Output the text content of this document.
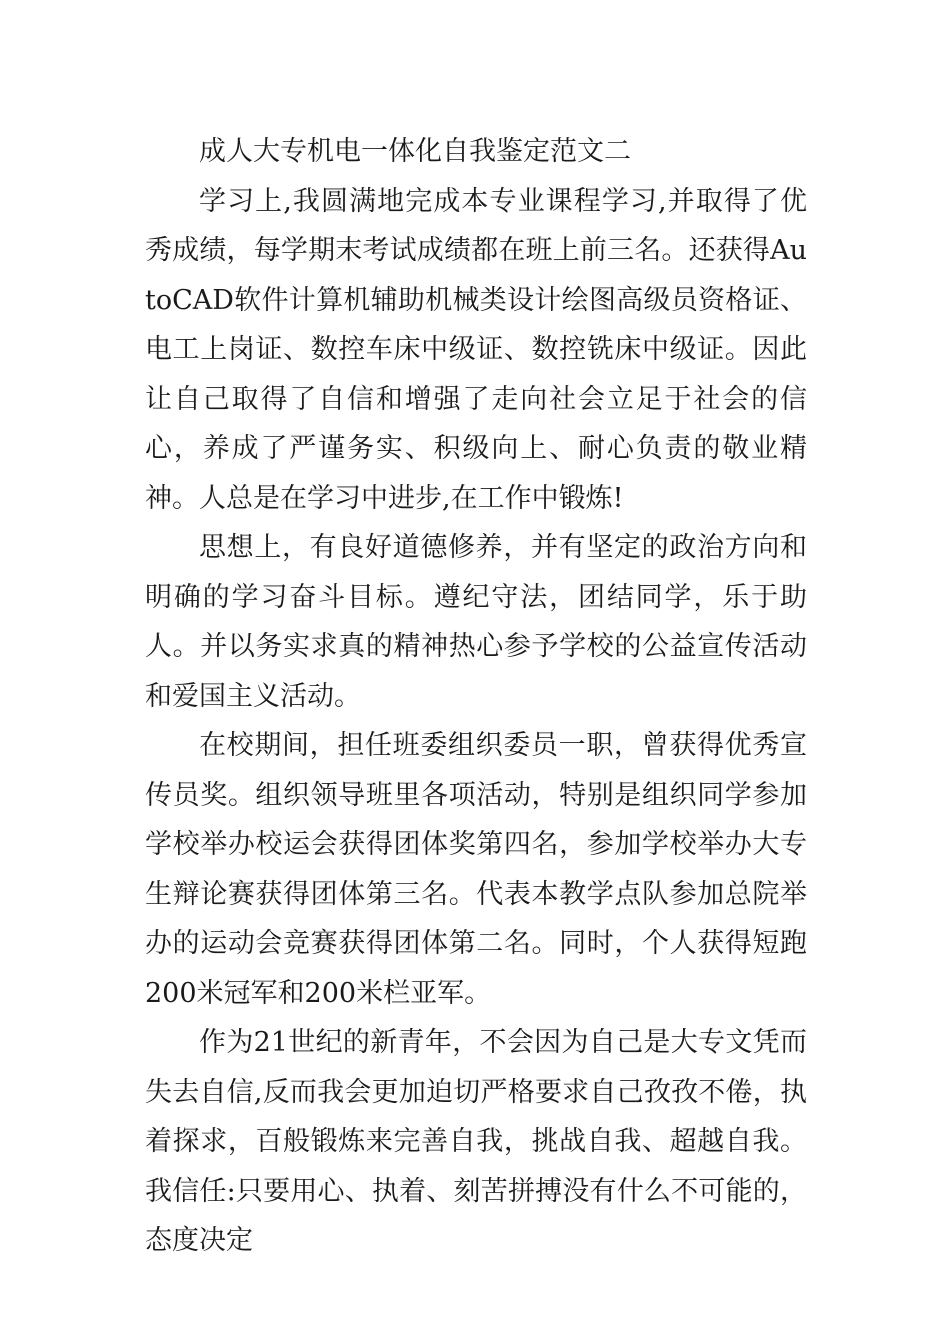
成人大专机电一体化自我鉴定范文二

学习上,我圆满地完成本专业课程学习,并取得了优秀成绩，每学期末考试成绩都在班上前三名。还获得AutoCAD软件计算机辅助机械类设计绘图高级员资格证、电工上岗证、数控车床中级证、数控铣床中级证。因此让自己取得了自信和增强了走向社会立足于社会的信心，养成了严谨务实、积级向上、耐心负责的敬业精神。人总是在学习中进步,在工作中锻炼!

思想上，有良好道德修养，并有坚定的政治方向和明确的学习奋斗目标。遵纪守法，团结同学，乐于助人。并以务实求真的精神热心参予学校的公益宣传活动和爱国主义活动。

在校期间，担任班委组织委员一职，曾获得优秀宣传员奖。组织领导班里各项活动，特别是组织同学参加学校举办校运会获得团体奖第四名，参加学校举办大专生辩论赛获得团体第三名。代表本教学点队参加总院举办的运动会竞赛获得团体第二名。同时，个人获得短跑200米冠军和200米栏亚军。

作为21世纪的新青年，不会因为自己是大专文凭而失去自信,反而我会更加迫切严格要求自己孜孜不倦，执着探求，百般锻炼来完善自我，挑战自我、超越自我。我信任:只要用心、执着、刻苦拼搏没有什么不可能的，态度决定
